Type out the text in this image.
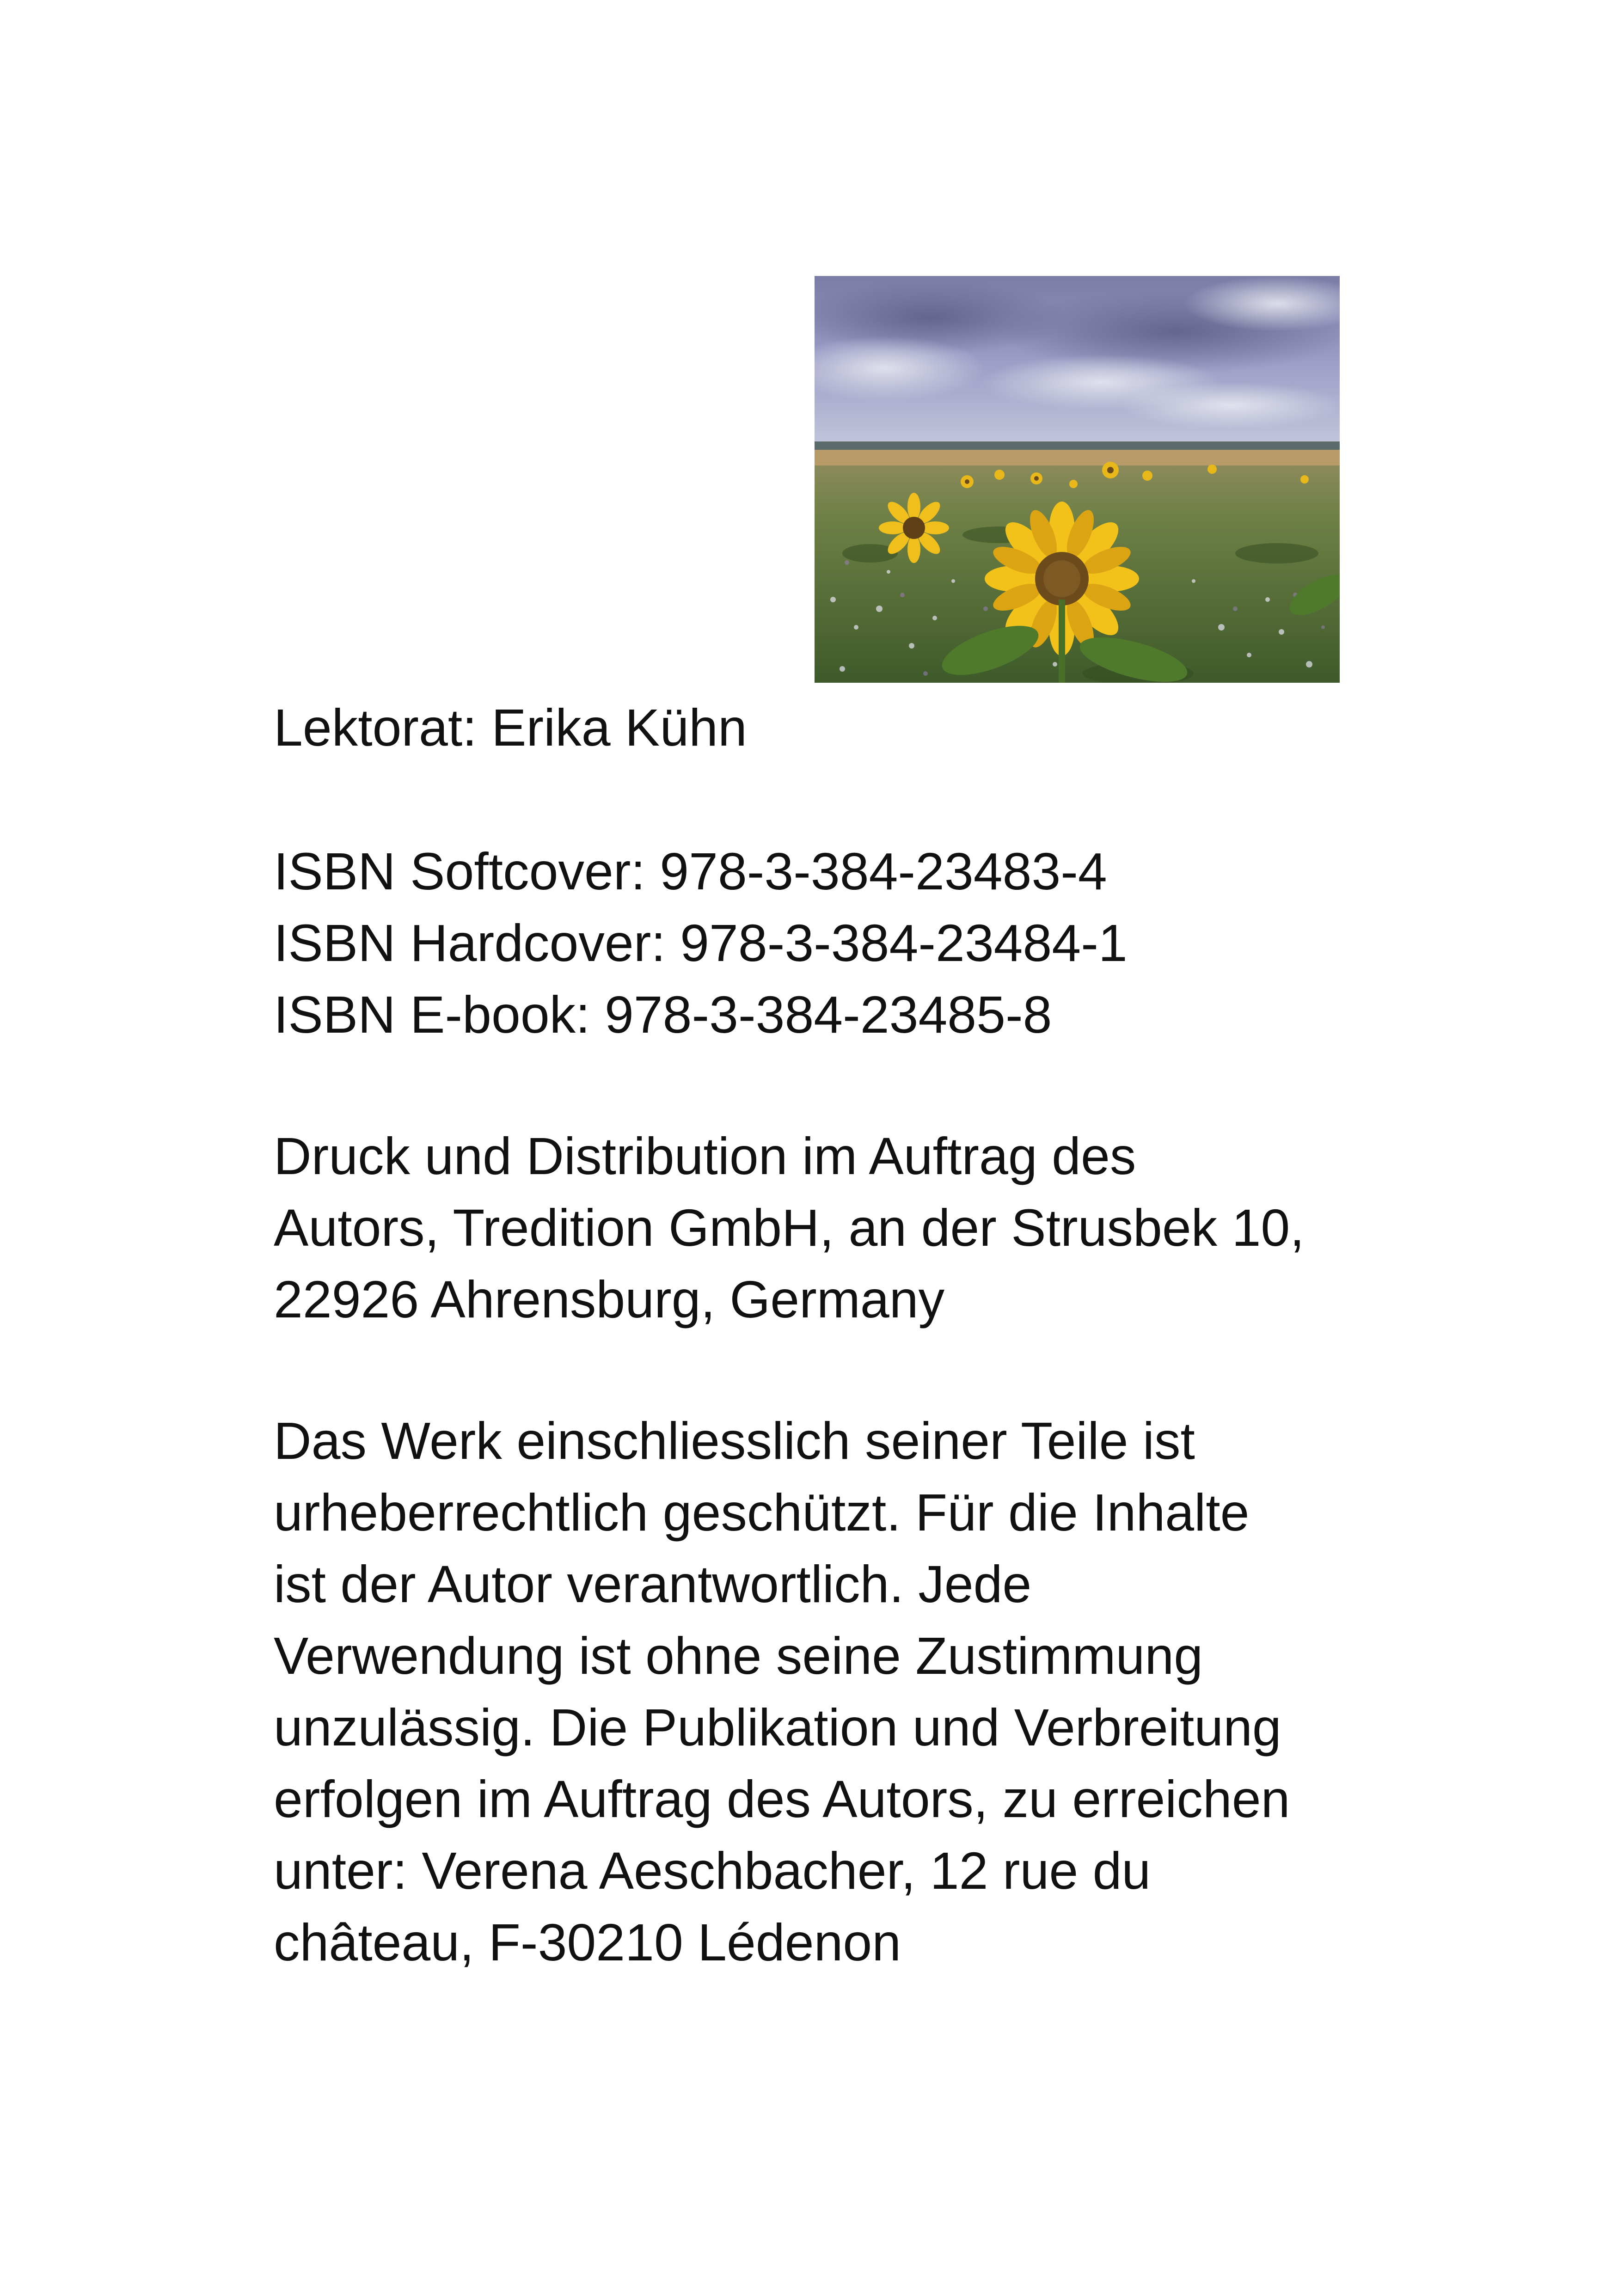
Lektorat: Erika Kühn
ISBN Softcover: 978-3-384-23483-4
ISBN Hardcover: 978-3-384-23484-1
ISBN E-book: 978-3-384-23485-8
Druck und Distribution im Auftrag des
Autors, Tredition GmbH, an der Strusbek 10,
22926 Ahrensburg, Germany
Das Werk einschliesslich seiner Teile ist
urheberrechtlich geschützt. Für die Inhalte
ist der Autor verantwortlich. Jede
Verwendung ist ohne seine Zustimmung
unzulässig. Die Publikation und Verbreitung
erfolgen im Auftrag des Autors, zu erreichen
unter: Verena Aeschbacher, 12 rue du
château, F-30210 Lédenon
